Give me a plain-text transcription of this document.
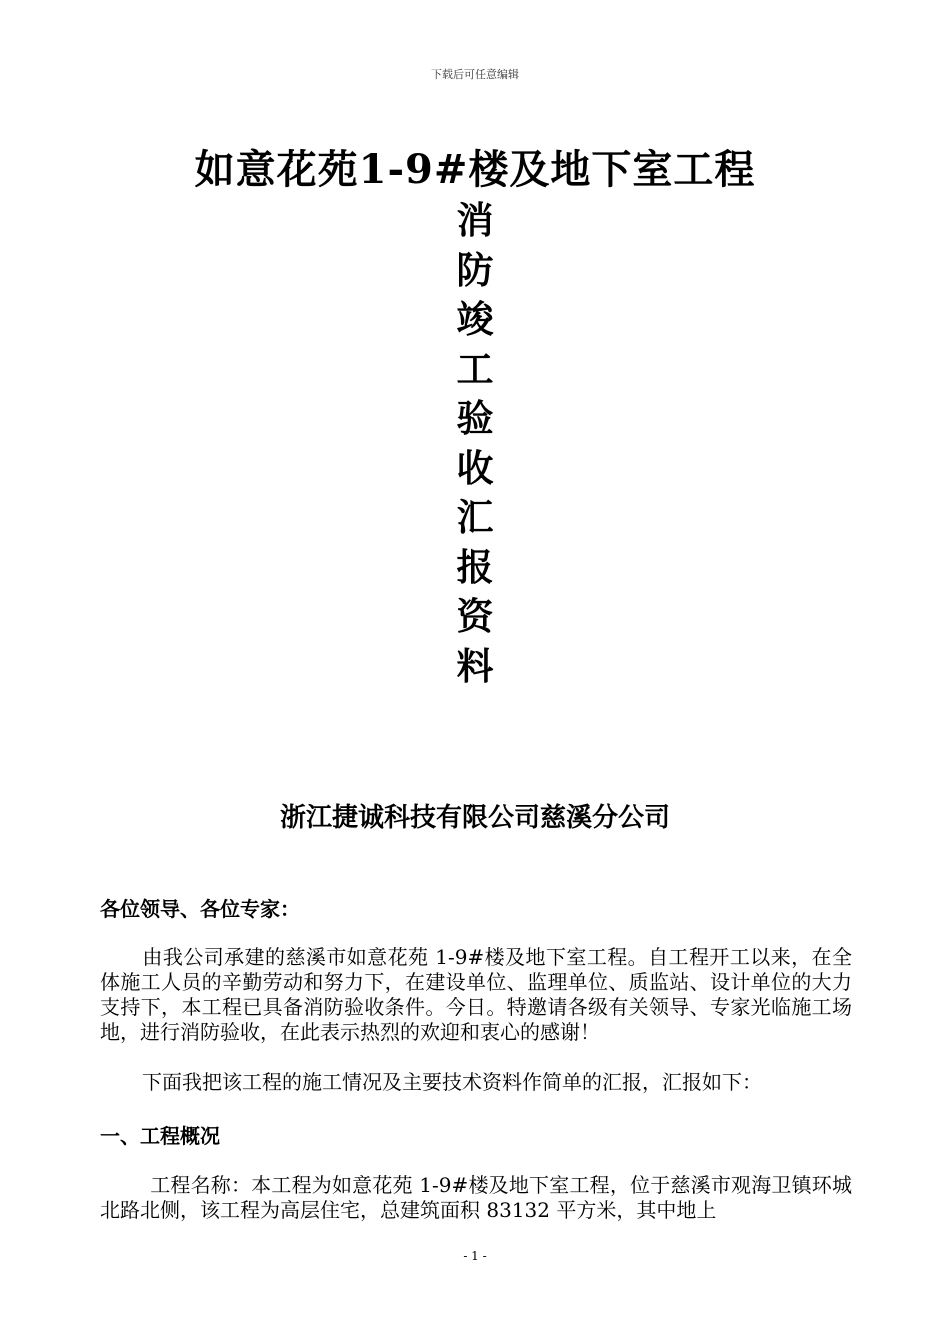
下载后可任意编辑
如意花苑1-9#楼及地下室工程
消
防
竣
工
验
收
汇
报
资
料
浙江捷诚科技有限公司慈溪分公司
各位领导、各位专家：
由我公司承建的慈溪市如意花苑 1-9#楼及地下室工程。自工程开工以来，在全体施工人员的辛勤劳动和努力下，在建设单位、监理单位、质监站、设计单位的大力支持下，本工程已具备消防验收条件。今日。特邀请各级有关领导、专家光临施工场地，进行消防验收，在此表示热烈的欢迎和衷心的感谢！
下面我把该工程的施工情况及主要技术资料作简单的汇报，汇报如下：
一、工程概况
工程名称：本工程为如意花苑 1-9#楼及地下室工程，位于慈溪市观海卫镇环城北路北侧，该工程为高层住宅，总建筑面积 83132 平方米，其中地上
- 1 -
